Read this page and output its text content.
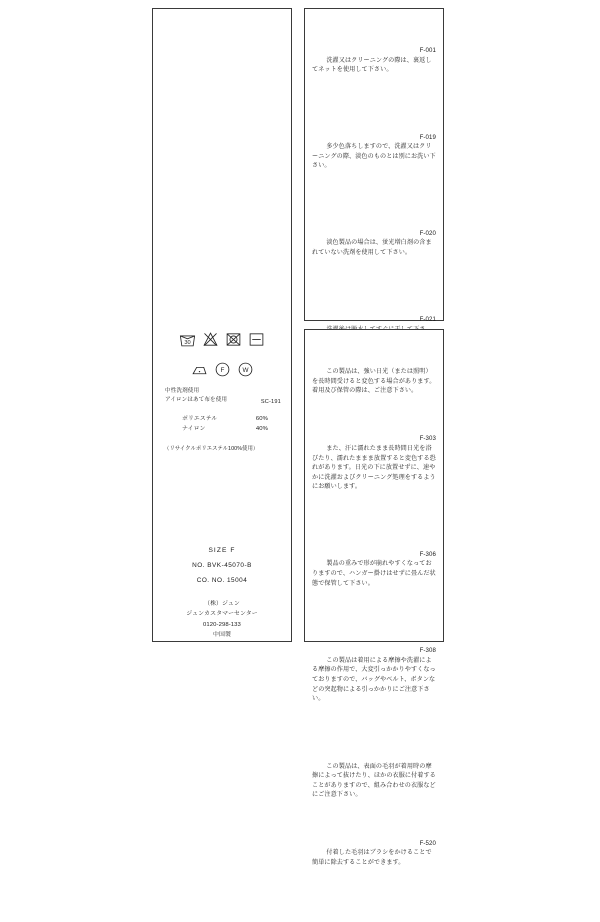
30
F W
中性洗剤使用
アイロンはあて布を使用	SC-191
ポリエステル	60%
ナイロン	40%
（リサイクルポリエステル100%使用）
SIZE F
NO. BVK-45070-B
CO. NO. 15004
（株）ジュン
ジュンカスタマーセンター
0120-298-133
中国製

F-001

洗濯又はクリーニングの際は、裏返してネットを使用して下さい。

F-019

多少色落ちしますので、洗濯又はクリーニングの際、淡色のものとは別にお洗い下さい。

F-020

淡色製品の場合は、蛍光増白剤の含まれていない洗剤を使用して下さい。

F-021

この製品は、強い日光（または照明）を長時間受けると変色する場合があります。着用及び保管の際は、ご注意下さい。

F-303

また、汗に濡れたまま長時間日光を浴びたり、濡れたままま放置すると変色する恐れがあります。日光の下に放置せずに、速やかに洗濯およびクリーニング処理をするようにお願いします。

F-306

製品の重みで形が崩れやすくなっておりますので、ハンガー掛けはせずに畳んだ状態で保管して下さい。

F-308

この製品は着用による摩擦や洗濯による摩擦の作用で、大変引っかかりやすくなっておりますので、バッグやベルト、ボタンなどの突起物による引っかかりにご注意下さい。

この製品は、表面の毛羽が着用時の摩擦によって抜けたり、ほかの衣服に付着することがありますので、組み合わせの衣服などにご注意下さい。

F-520

付着した毛羽はブラシをかけることで簡単に除去することができます。
